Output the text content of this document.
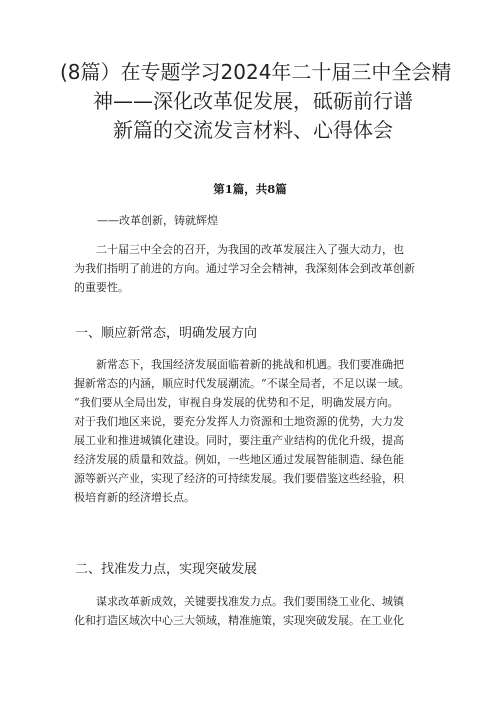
(8篇）在专题学习2024年二十届三中全会精
神——深化改革促发展，砥砺前行谱
新篇的交流发言材料、心得体会
第1篇，共8篇
——改革创新，铸就辉煌
二十届三中全会的召开，为我国的改革发展注入了强大动力，也
为我们指明了前进的方向。通过学习全会精神，我深刻体会到改革创新
的重要性。
一、顺应新常态，明确发展方向
新常态下，我国经济发展面临着新的挑战和机遇。我们要准确把
握新常态的内涵，顺应时代发展潮流。“不谋全局者，不足以谋一域。
“我们要从全局出发，审视自身发展的优势和不足，明确发展方向。
对于我们地区来说，要充分发挥人力资源和土地资源的优势，大力发
展工业和推进城镇化建设。同时，要注重产业结构的优化升级，提高
经济发展的质量和效益。例如，一些地区通过发展智能制造、绿色能
源等新兴产业，实现了经济的可持续发展。我们要借鉴这些经验，积
极培育新的经济增长点。
二、找准发力点，实现突破发展
谋求改革新成效，关键要找准发力点。我们要围绕工业化、城镇
化和打造区域次中心三大领域，精准施策，实现突破发展。在工业化
